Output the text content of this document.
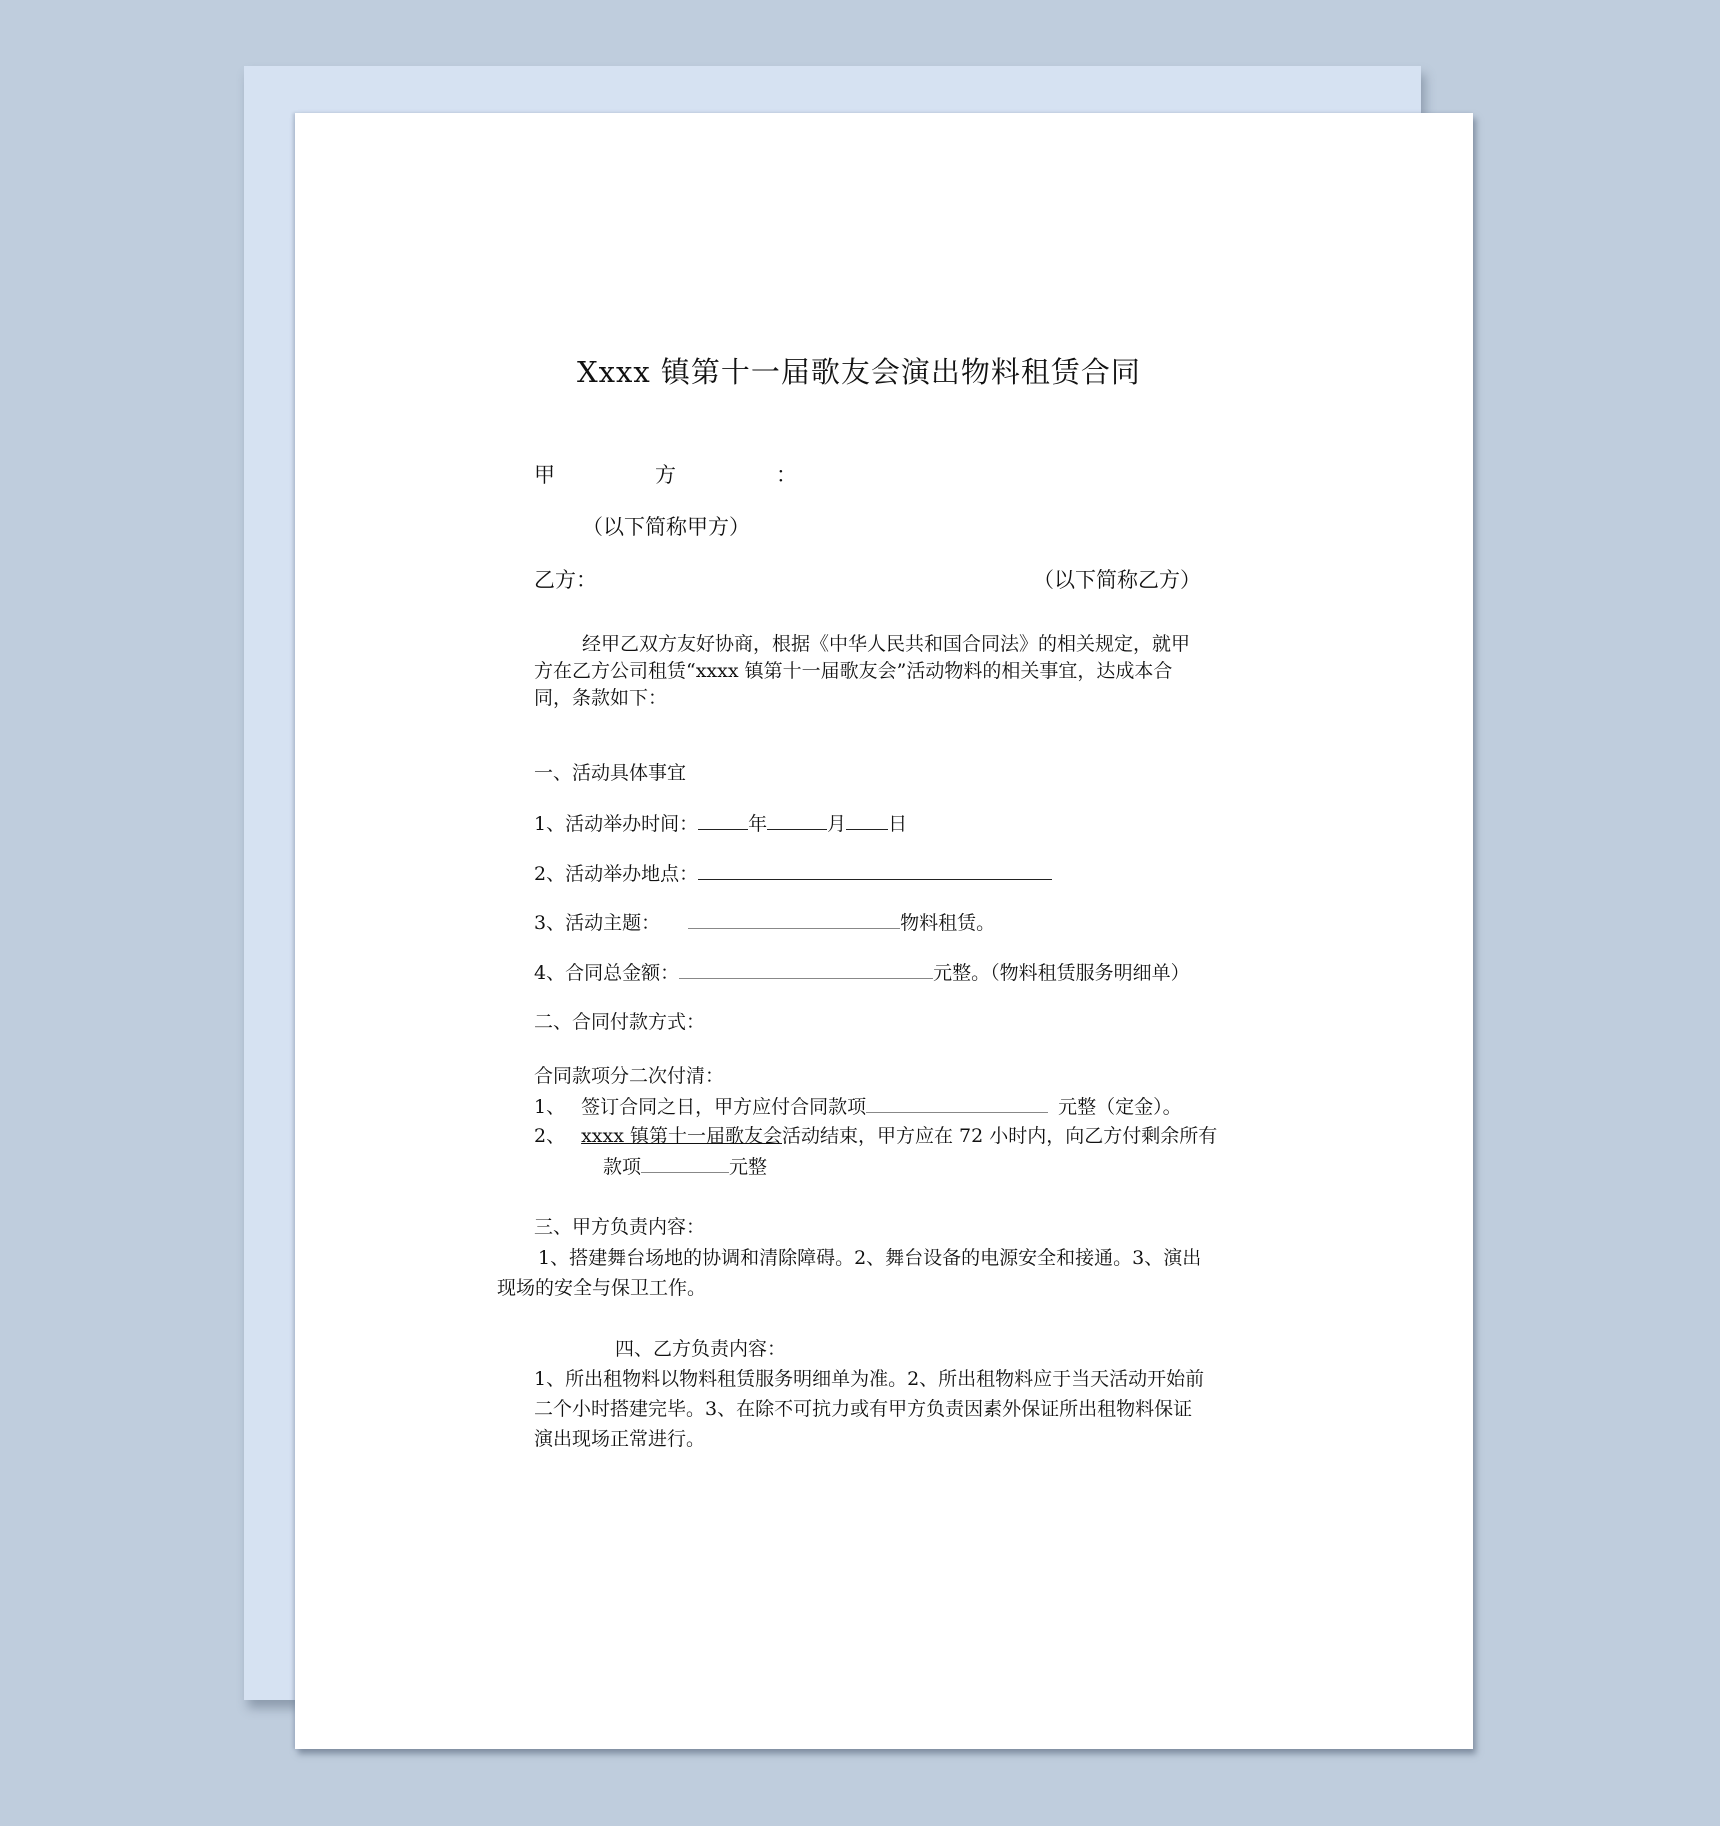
Xxxx 镇第十一届歌友会演出物料租赁合同
甲	方	：
（以下简称甲方）
乙方：	（以下简称乙方）
经甲乙双方友好协商，根据《中华人民共和国合同法》的相关规定，就甲
方在乙方公司租赁“xxxx 镇第十一届歌友会”活动物料的相关事宜，达成本合
同，条款如下：
一、活动具体事宜
1、活动举办时间：	年	月 日
2、活动举办地点：
3、活动主题：	物料租赁。
4、合同总金额：	元整。（物料租赁服务明细单）
二、合同付款方式：
合同款项分二次付清：
1、 签订合同之日，甲方应付合同款项	元整（定金）。
2、 xxxx 镇第十一届歌友会活动结束，甲方应在 72 小时内，向乙方付剩余所有
款项	元整
三、甲方负责内容：
1、搭建舞台场地的协调和清除障碍。2、舞台设备的电源安全和接通。3、演出
现场的安全与保卫工作。
四、乙方负责内容：
1、所出租物料以物料租赁服务明细单为准。2、所出租物料应于当天活动开始前
二个小时搭建完毕。3、在除不可抗力或有甲方负责因素外保证所出租物料保证
演出现场正常进行。
